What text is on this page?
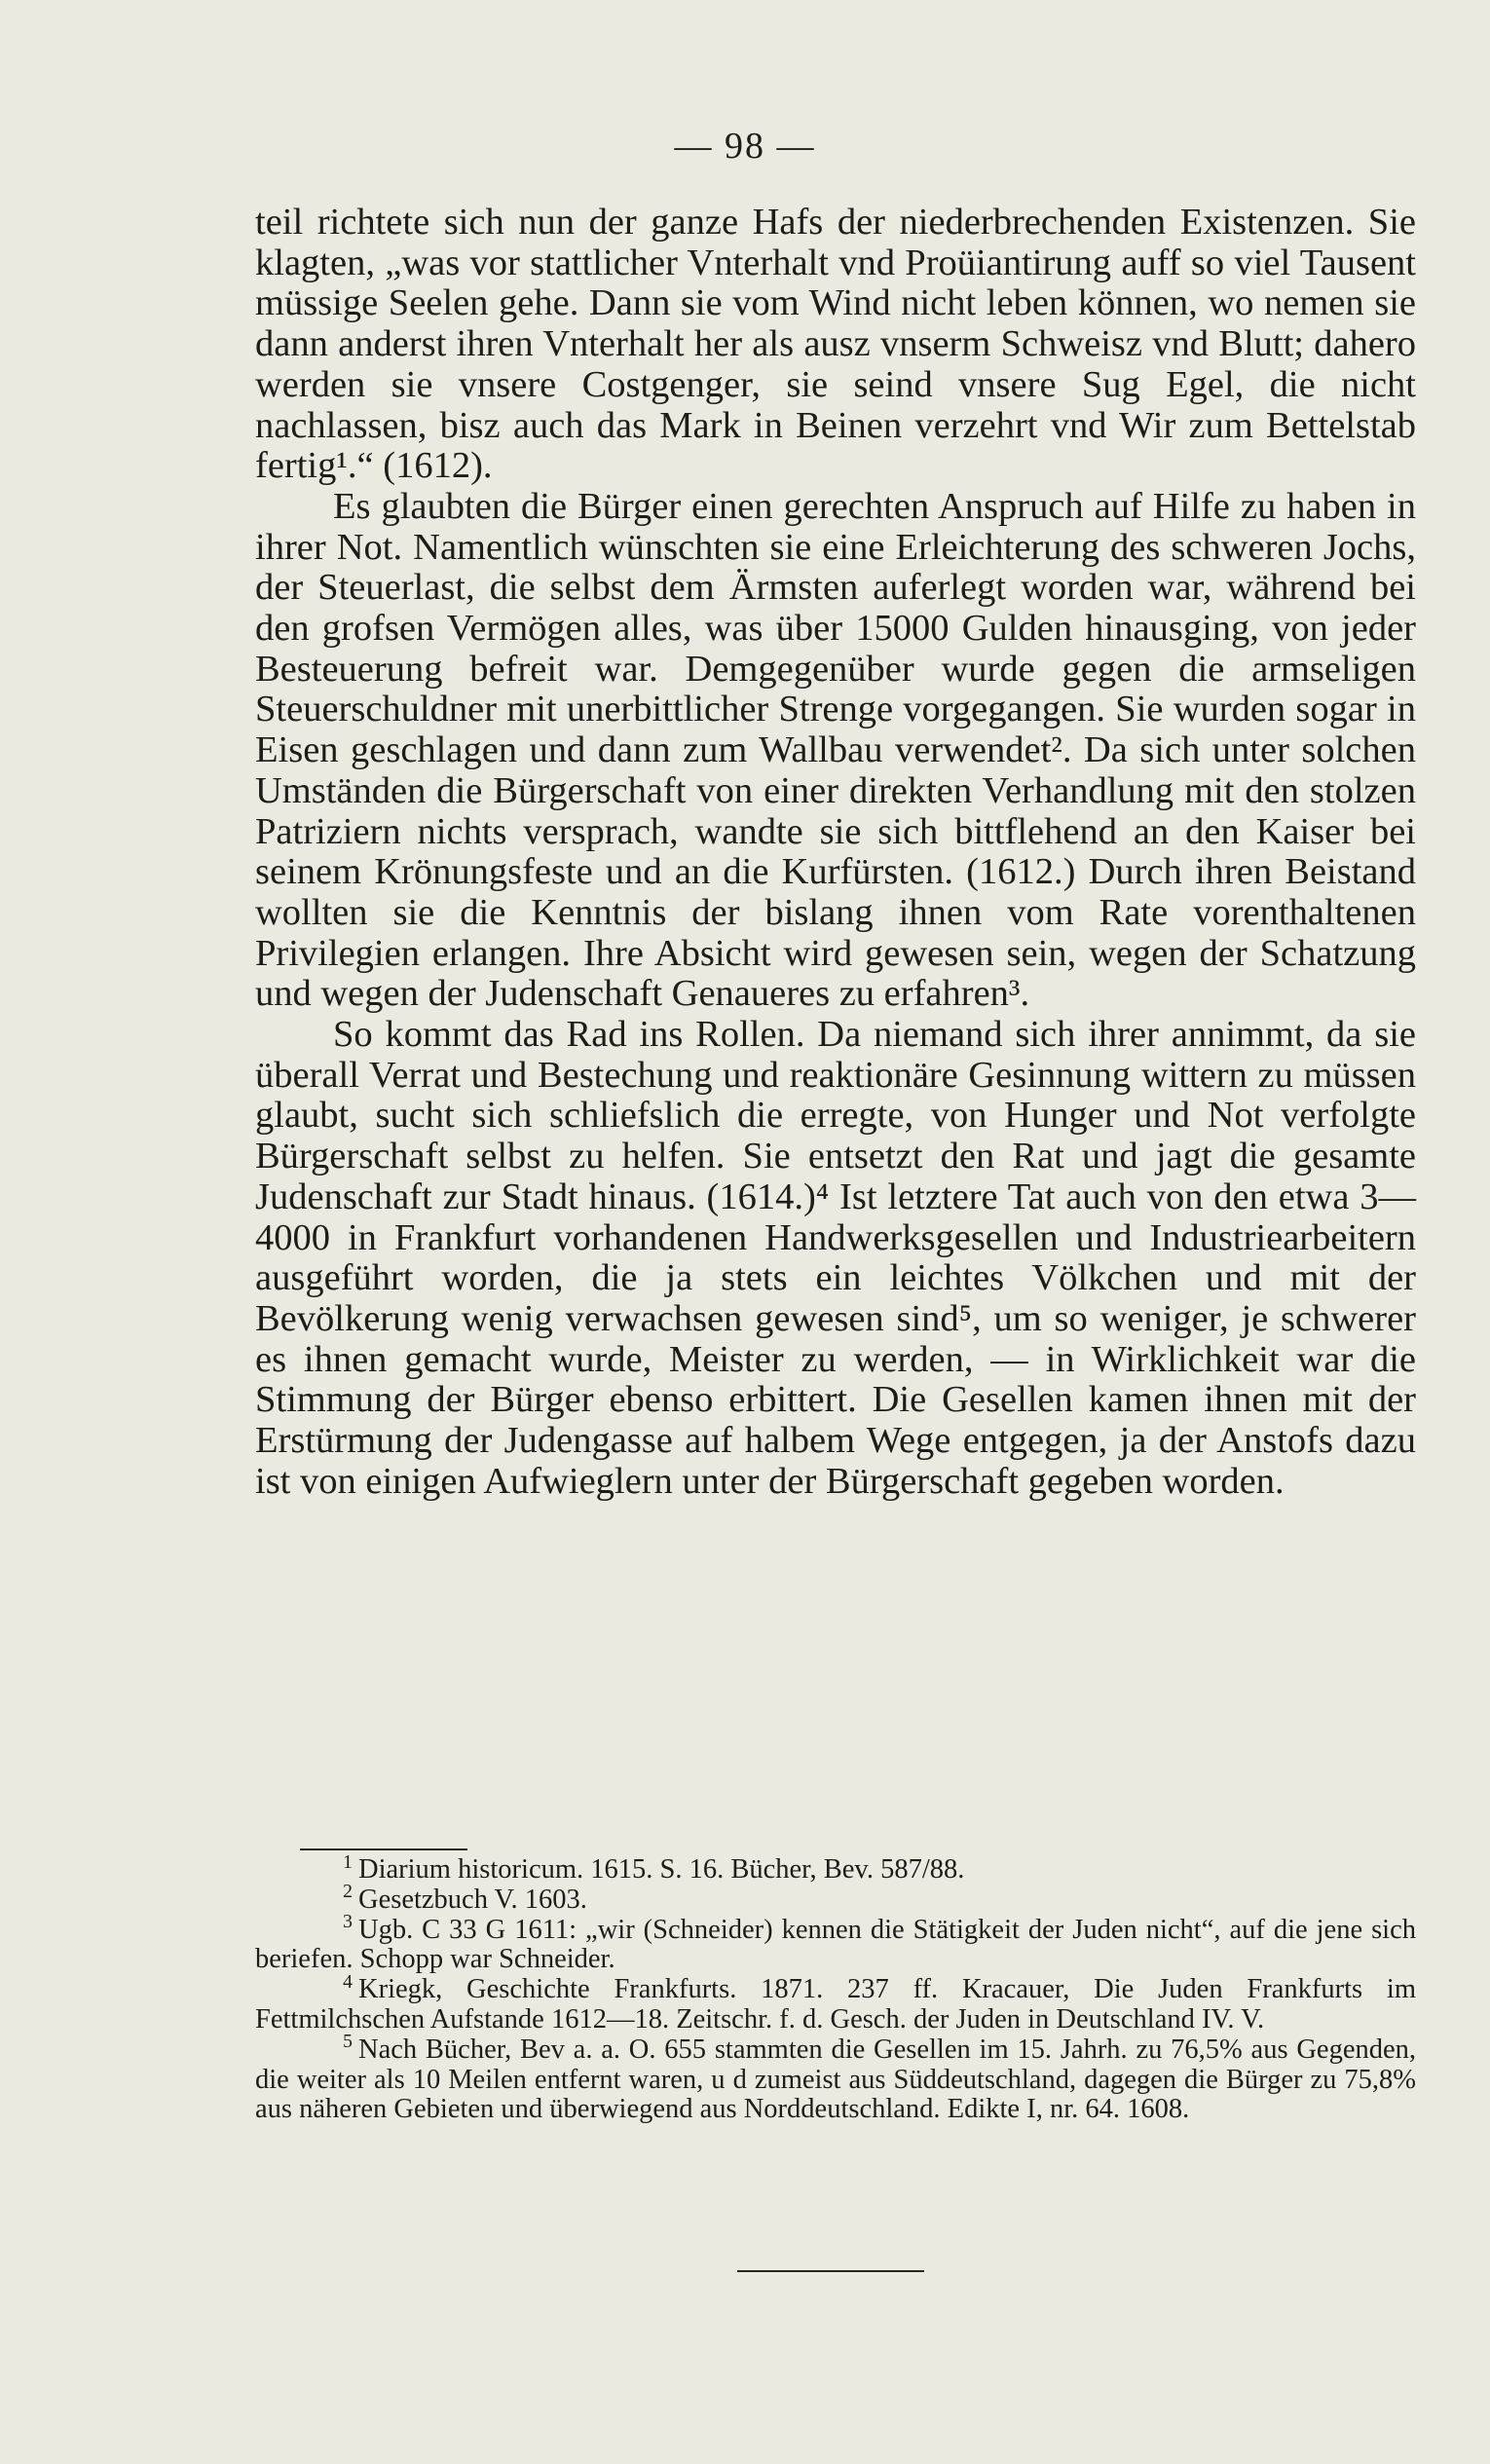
— 98 —

teil richtete sich nun der ganze Hafs der niederbrechenden Existenzen. Sie klagten, „was vor stattlicher Vnterhalt vnd Proüiantirung auff so viel Tausent müssige Seelen gehe. Dann sie vom Wind nicht leben können, wo nemen sie dann anderst ihren Vnterhalt her als ausz vnserm Schweisz vnd Blutt; dahero werden sie vnsere Costgenger, sie seind vnsere Sug Egel, die nicht nachlassen, bisz auch das Mark in Beinen verzehrt vnd Wir zum Bettelstab fertig¹.“ (1612).

Es glaubten die Bürger einen gerechten Anspruch auf Hilfe zu haben in ihrer Not. Namentlich wünschten sie eine Erleichterung des schweren Jochs, der Steuerlast, die selbst dem Ärmsten auferlegt worden war, während bei den grofsen Vermögen alles, was über 15000 Gulden hinausging, von jeder Besteuerung befreit war. Demgegenüber wurde gegen die armseligen Steuerschuldner mit unerbittlicher Strenge vorgegangen. Sie wurden sogar in Eisen geschlagen und dann zum Wallbau verwendet². Da sich unter solchen Umständen die Bürgerschaft von einer direkten Verhandlung mit den stolzen Patriziern nichts versprach, wandte sie sich bittflehend an den Kaiser bei seinem Krönungsfeste und an die Kurfürsten. (1612.) Durch ihren Beistand wollten sie die Kenntnis der bislang ihnen vom Rate vorenthaltenen Privilegien erlangen. Ihre Absicht wird gewesen sein, wegen der Schatzung und wegen der Judenschaft Genaueres zu erfahren³.

So kommt das Rad ins Rollen. Da niemand sich ihrer annimmt, da sie überall Verrat und Bestechung und reaktionäre Gesinnung wittern zu müssen glaubt, sucht sich schliefslich die erregte, von Hunger und Not verfolgte Bürgerschaft selbst zu helfen. Sie entsetzt den Rat und jagt die gesamte Judenschaft zur Stadt hinaus. (1614.)⁴ Ist letztere Tat auch von den etwa 3—4000 in Frankfurt vorhandenen Handwerksgesellen und Industriearbeitern ausgeführt worden, die ja stets ein leichtes Völkchen und mit der Bevölkerung wenig verwachsen gewesen sind⁵, um so weniger, je schwerer es ihnen gemacht wurde, Meister zu werden, — in Wirklichkeit war die Stimmung der Bürger ebenso erbittert. Die Gesellen kamen ihnen mit der Erstürmung der Judengasse auf halbem Wege entgegen, ja der Anstofs dazu ist von einigen Aufwieglern unter der Bürgerschaft gegeben worden.

$^1$ Diarium historicum. 1615. S. 16. Bücher, Bev. 587/88.

$^2$ Gesetzbuch V. 1603.

$^3$ Ugb. C 33 G 1611: „wir (Schneider) kennen die Stätigkeit der Juden nicht“, auf die jene sich beriefen. Schopp war Schneider.

$^4$ Kriegk, Geschichte Frankfurts. 1871. 237 ff. Kracauer, Die Juden Frankfurts im Fettmilchschen Aufstande 1612—18. Zeitschr. f. d. Gesch. der Juden in Deutschland IV. V.

$^5$ Nach Bücher, Bev a. a. O. 655 stammten die Gesellen im 15. Jahrh. zu 76,5% aus Gegenden, die weiter als 10 Meilen entfernt waren, u d zumeist aus Süddeutschland, dagegen die Bürger zu 75,8% aus näheren Gebieten und überwiegend aus Norddeutschland. Edikte I, nr. 64. 1608.
